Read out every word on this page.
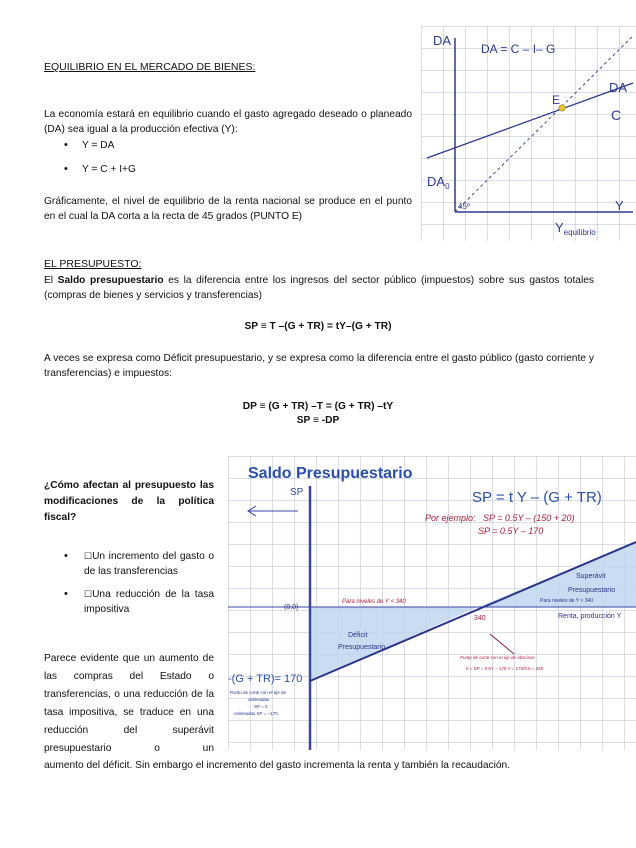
EQUILIBRIO EN EL MERCADO DE BIENES:

La economía estará en equilibrio cuando el gasto agregado deseado o planeado (DA) sea igual a la producción efectiva (Y):

• Y = DA
• Y = C + I+G

Gráficamente, el nivel de equilibrio de la renta nacional se produce en el punto en el cual la DA corta a la recta de 45 grados (PUNTO E)

DA
DA = C – I– G
DA
C
E
$DA_0$
45º	Y
$Y_{equilibrio}$
EL PRESUPUESTO:

El Saldo presupuestario es la diferencia entre los ingresos del sector público (impuestos) sobre sus gastos totales (compras de bienes y servicios y transferencias)

SP ≡ T –(G + TR) = tY–(G + TR)

A veces se expresa como Déficit presupuestario, y se expresa como la diferencia entre el gasto público (gasto corriente y transferencias) e impuestos:

DP ≡ (G + TR) –T = (G + TR) –tY
SP ≡ -DP

¿Cómo afectan al presupuesto las modificaciones de la política fiscal?

• ☐Un incremento del gasto o de las transferencias
• ☐Una reducción de la tasa impositiva

Parece evidente que un aumento de las compras del Estado o transferencias, o una reducción de la tasa impositiva, se traduce en una reducción del superávit presupuestario o un

aumento del déficit. Sin embargo el incremento del gasto incrementa la renta y también la recaudación.

Saldo Presupuestario
SP	SP = t Y – (G + TR)
Por ejemplo: SP = 0.5Y – (150 + 20)
SP = 0.5Y – 170
Superávit
Presupuestario
Para niveles de Y > 340
Renta, producción Y
(0,0)
Para niveles de Y < 340
Déficit
Presupuestario
340
Punto de corte con el eje de abscisas
0 = SP = 0.5Y – 170 Y = 170/0.5 = 340
-(G + TR)= 170
Punto de corte con el eje de
ordenadas
SP = 0
ordenadas SP = –170
